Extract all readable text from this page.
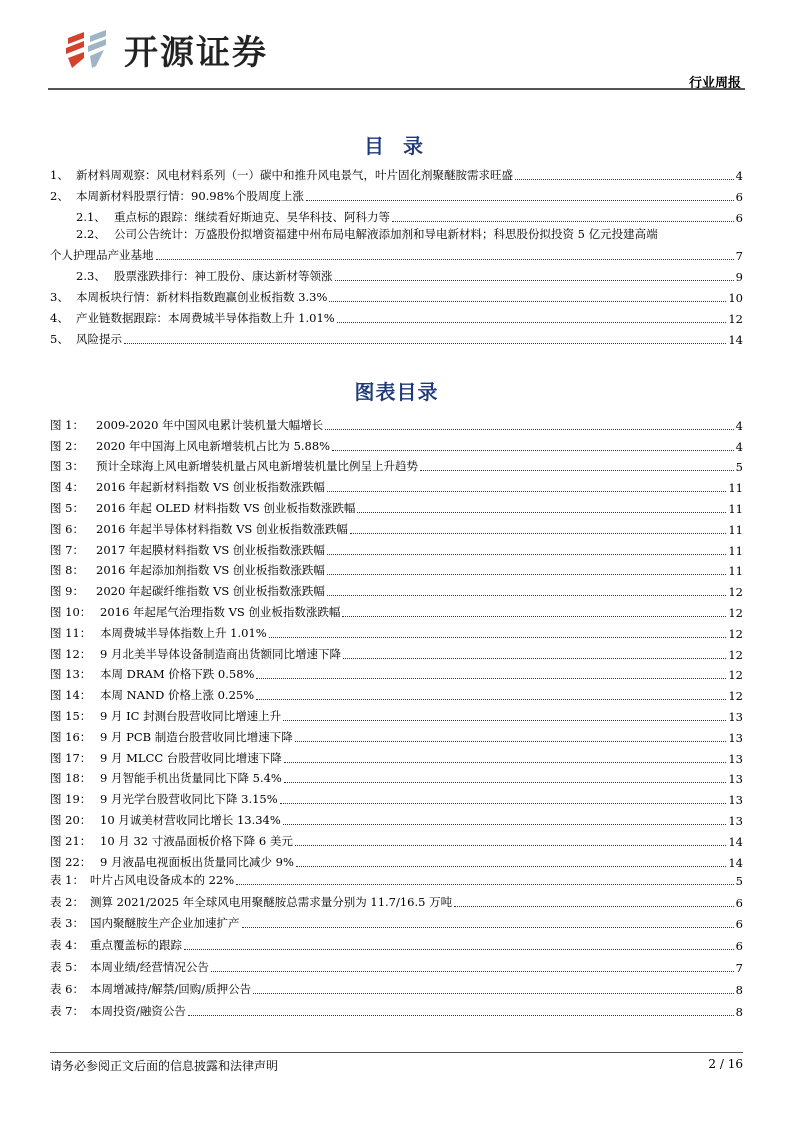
开源证券
行业周报
目 录
1、 新材料周观察：风电材料系列（一）碳中和推升风电景气，叶片固化剂聚醚胺需求旺盛	4
2、 本周新材料股票行情：90.98%个股周度上涨	6
2.1、 重点标的跟踪：继续看好斯迪克、昊华科技、阿科力等	6
2.2、 公司公告统计：万盛股份拟增资福建中州布局电解液添加剂和导电新材料；科思股份拟投资 5 亿元投建高端
个人护理品产业基地	7
2.3、 股票涨跌排行：神工股份、康达新材等领涨	9
3、 本周板块行情：新材料指数跑赢创业板指数 3.3%	10
4、 产业链数据跟踪：本周费城半导体指数上升 1.01%	12
5、 风险提示	14
图表目录
图 1：	2009-2020 年中国风电累计装机量大幅增长	4
图 2：	2020 年中国海上风电新增装机占比为 5.88%	4
图 3：	预计全球海上风电新增装机量占风电新增装机量比例呈上升趋势	5
图 4：	2016 年起新材料指数 VS 创业板指数涨跌幅	11
图 5：	2016 年起 OLED 材料指数 VS 创业板指数涨跌幅	11
图 6：	2016 年起半导体材料指数 VS 创业板指数涨跌幅	11
图 7：	2017 年起膜材料指数 VS 创业板指数涨跌幅	11
图 8：	2016 年起添加剂指数 VS 创业板指数涨跌幅	11
图 9：	2020 年起碳纤维指数 VS 创业板指数涨跌幅	12
图 10： 2016 年起尾气治理指数 VS 创业板指数涨跌幅	12
图 11： 本周费城半导体指数上升 1.01%	12
图 12： 9 月北美半导体设备制造商出货额同比增速下降	12
图 13： 本周 DRAM 价格下跌 0.58%	12
图 14： 本周 NAND 价格上涨 0.25%	12
图 15： 9 月 IC 封测台股营收同比增速上升	13
图 16： 9 月 PCB 制造台股营收同比增速下降	13
图 17： 9 月 MLCC 台股营收同比增速下降	13
图 18： 9 月智能手机出货量同比下降 5.4%	13
图 19： 9 月光学台股营收同比下降 3.15%	13
图 20： 10 月诚美材营收同比增长 13.34%	13
图 21： 10 月 32 寸液晶面板价格下降 6 美元	14
图 22： 9 月液晶电视面板出货量同比减少 9%	14
表 1： 叶片占风电设备成本的 22%	5
表 2： 测算 2021/2025 年全球风电用聚醚胺总需求量分别为 11.7/16.5 万吨	6
表 3： 国内聚醚胺生产企业加速扩产	6
表 4： 重点覆盖标的跟踪	6
表 5： 本周业绩/经营情况公告	7
表 6： 本周增减持/解禁/回购/质押公告	8
表 7： 本周投资/融资公告	8
请务必参阅正文后面的信息披露和法律声明	2 / 16
